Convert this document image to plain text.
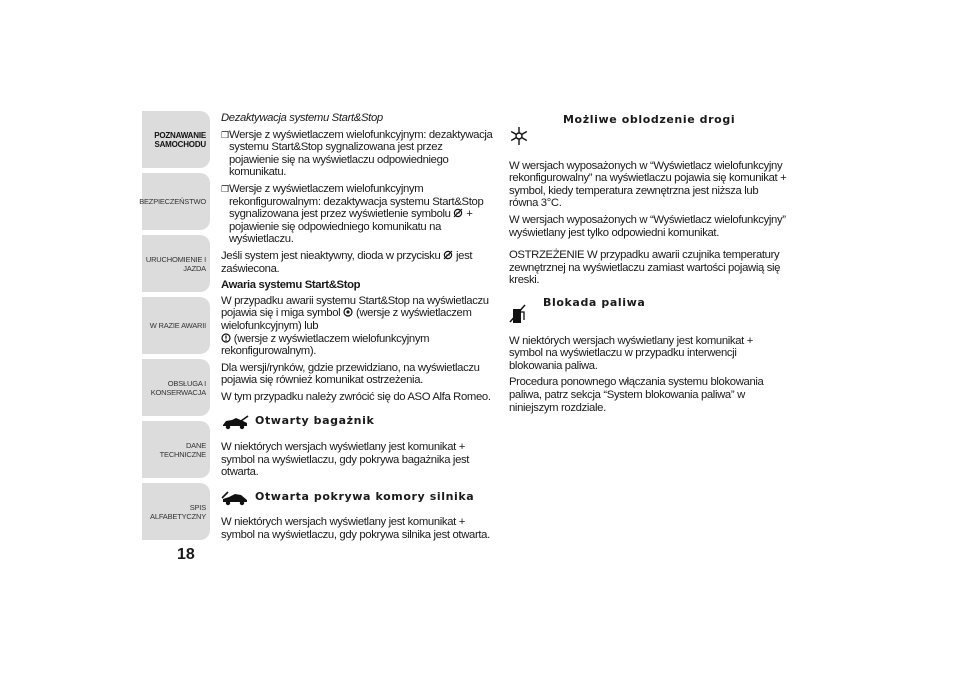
POZNAWANIE
SAMOCHODU
BEZPIECZEŃSTWO
URUCHOMIENIE I
JAZDA
W RAZIE AWARII
OBSŁUGA I
KONSERWACJA
DANE TECHNICZNE
SPIS ALFABETYCZNY
18

Dezaktywacja systemu Start&Stop

❒ Wersje z wyświetlaczem wielofunkcyjnym: dezaktywacja systemu Start&Stop sygnalizowana jest przez pojawienie się na wyświetlaczu odpowiedniego komunikatu.
❒ Wersje z wyświetlaczem wielofunkcyjnym rekonfigurowalnym: dezaktywacja systemu Start&Stop sygnalizowana jest przez wyświetlenie symbolu + pojawienie się odpowiedniego komunikatu na wyświetlaczu.

Jeśli system jest nieaktywny, dioda w przycisku jest zaświecona.

Awaria systemu Start&Stop

W przypadku awarii systemu Start&Stop na wyświetlaczu pojawia się i miga symbol (wersje z wyświetlaczem wielofunkcyjnym) lub
(wersje z wyświetlaczem wielofunkcyjnym rekonfigurowalnym).

Dla wersji/rynków, gdzie przewidziano, na wyświetlaczu pojawia się również komunikat ostrzeżenia.

W tym przypadku należy zwrócić się do ASO Alfa Romeo.

Otwarty bagażnik

W niektórych wersjach wyświetlany jest komunikat + symbol na wyświetlaczu, gdy pokrywa bagażnika jest otwarta.

Otwarta pokrywa komory silnika

W niektórych wersjach wyświetlany jest komunikat + symbol na wyświetlaczu, gdy pokrywa silnika jest otwarta.

Możliwe oblodzenie drogi

W wersjach wyposażonych w “Wyświetlacz wielofunkcyjny rekonfigurowalny” na wyświetlaczu pojawia się komunikat + symbol, kiedy temperatura zewnętrzna jest niższa lub równa 3°C.

W wersjach wyposażonych w “Wyświetlacz wielofunkcyjny” wyświetlany jest tylko odpowiedni komunikat.

OSTRZEŻENIE W przypadku awarii czujnika temperatury zewnętrznej na wyświetlaczu zamiast wartości pojawią się kreski.

Blokada paliwa

W niektórych wersjach wyświetlany jest komunikat + symbol na wyświetlaczu w przypadku interwencji blokowania paliwa.

Procedura ponownego włączania systemu blokowania paliwa, patrz sekcja “System blokowania paliwa” w niniejszym rozdziale.
